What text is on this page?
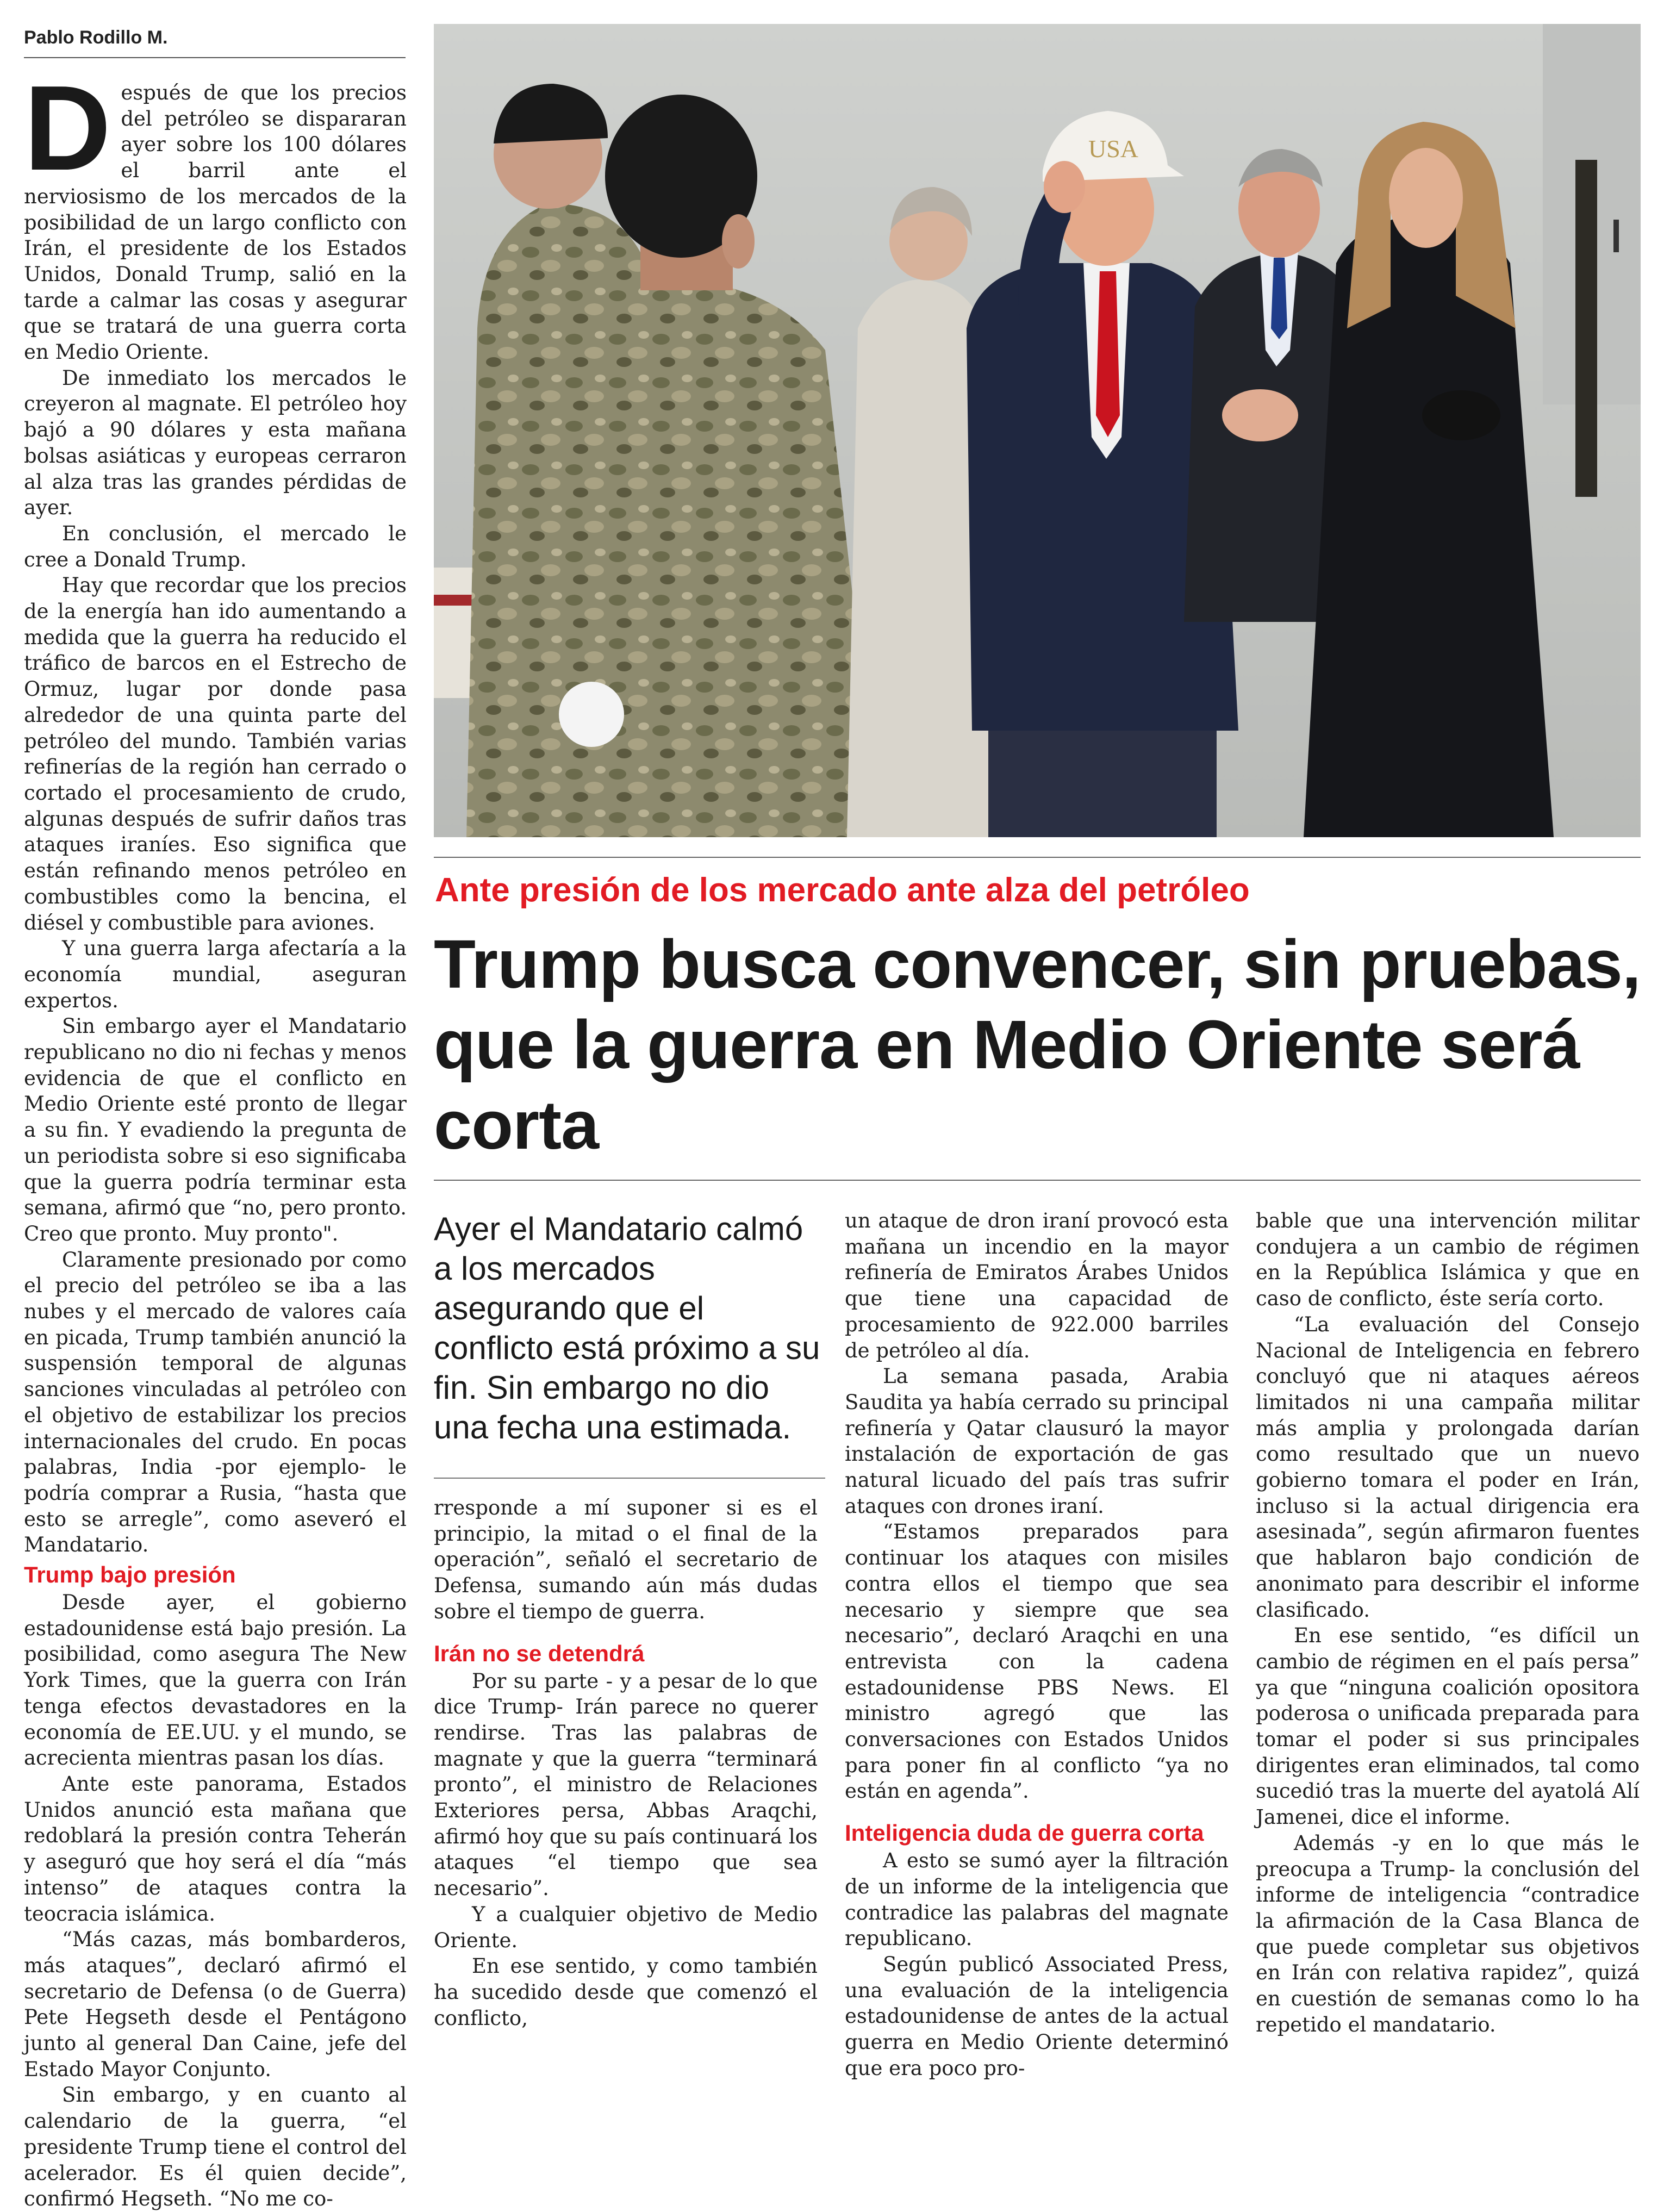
Pablo Rodillo M.

Después de que los precios del petróleo se dispararan ayer sobre los 100 dólares el barril ante el nerviosismo de los mercados de la posibilidad de un largo conflicto con Irán, el presidente de los Estados Unidos, Donald Trump, salió en la tarde a calmar las cosas y asegurar que se tratará de una guerra corta en Medio Oriente.

De inmediato los mercados le creyeron al magnate. El petróleo hoy bajó a 90 dólares y esta mañana bolsas asiáticas y europeas cerraron al alza tras las grandes pérdidas de ayer.

En conclusión, el mercado le cree a Donald Trump.

Hay que recordar que los precios de la energía han ido aumentando a medida que la guerra ha reducido el tráfico de barcos en el Estrecho de Ormuz, lugar por donde pasa alrededor de una quinta parte del petróleo del mundo. También varias refinerías de la región han cerrado o cortado el procesamiento de crudo, algunas después de sufrir daños tras ataques iraníes. Eso significa que están refinando menos petróleo en combustibles como la bencina, el diésel y combustible para aviones.

Y una guerra larga afectaría a la economía mundial, aseguran expertos.

Sin embargo ayer el Mandatario republicano no dio ni fechas y menos evidencia de que el conflicto en Medio Oriente esté pronto de llegar a su fin. Y evadiendo la pregunta de un periodista sobre si eso significaba que la guerra podría terminar esta semana, afirmó que “no, pero pronto. Creo que pronto. Muy pronto".

Claramente presionado por como el precio del petróleo se iba a las nubes y el mercado de valores caía en picada, Trump también anunció la suspensión temporal de algunas sanciones vinculadas al petróleo con el objetivo de estabilizar los precios internacionales del crudo. En pocas palabras, India -por ejemplo- le podría comprar a Rusia, “hasta que esto se arregle”, como aseveró el Mandatario.

Trump bajo presión

Desde ayer, el gobierno estadounidense está bajo presión. La posibilidad, como asegura The New York Times, que la guerra con Irán tenga efectos devastadores en la economía de EE.UU. y el mundo, se acrecienta mientras pasan los días.

Ante este panorama, Estados Unidos anunció esta mañana que redoblará la presión contra Teherán y aseguró que hoy será el día “más intenso” de ataques contra la teocracia islámica.

“Más cazas, más bombarderos, más ataques”, declaró afirmó el secretario de Defensa (o de Guerra) Pete Hegseth desde el Pentágono junto al general Dan Caine, jefe del Estado Mayor Conjunto.

Sin embargo, y en cuanto al calendario de la guerra, “el presidente Trump tiene el control del acelerador. Es él quien decide”, confirmó Hegseth. “No me co-

USA
Ante presión de los mercado ante alza del petróleo
Trump busca convencer, sin pruebas, que la guerra en Medio Oriente será corta
Ayer el Mandatario calmó a los mercados asegurando que el conflicto está próximo a su fin. Sin embargo no dio una fecha una estimada.

rresponde a mí suponer si es el principio, la mitad o el final de la operación”, señaló el secretario de Defensa, sumando aún más dudas sobre el tiempo de guerra.

Irán no se detendrá

Por su parte - y a pesar de lo que dice Trump- Irán parece no querer rendirse. Tras las palabras de magnate y que la guerra “terminará pronto”, el ministro de Relaciones Exteriores persa, Abbas Araqchi, afirmó hoy que su país continuará los ataques “el tiempo que sea necesario”.

Y a cualquier objetivo de Medio Oriente.

En ese sentido, y como también ha sucedido desde que comenzó el conflicto,

un ataque de dron iraní provocó esta mañana un incendio en la mayor refinería de Emiratos Árabes Unidos que tiene una capacidad de procesamiento de 922.000 barriles de petróleo al día.

La semana pasada, Arabia Saudita ya había cerrado su principal refinería y Qatar clausuró la mayor instalación de exportación de gas natural licuado del país tras sufrir ataques con drones iraní.

“Estamos preparados para continuar los ataques con misiles contra ellos el tiempo que sea necesario y siempre que sea necesario”, declaró Araqchi en una entrevista con la cadena estadounidense PBS News. El ministro agregó que las conversaciones con Estados Unidos para poner fin al conflicto “ya no están en agenda”.

Inteligencia duda de guerra corta

A esto se sumó ayer la filtración de un informe de la inteligencia que contradice las palabras del magnate republicano.

Según publicó Associated Press, una evaluación de la inteligencia estadounidense de antes de la actual guerra en Medio Oriente determinó que era poco pro-

bable que una intervención militar condujera a un cambio de régimen en la República Islámica y que en caso de conflicto, éste sería corto.

“La evaluación del Consejo Nacional de Inteligencia en febrero concluyó que ni ataques aéreos limitados ni una campaña militar más amplia y prolongada darían como resultado que un nuevo gobierno tomara el poder en Irán, incluso si la actual dirigencia era asesinada”, según afirmaron fuentes que hablaron bajo condición de anonimato para describir el informe clasificado.

En ese sentido, “es difícil un cambio de régimen en el país persa” ya que “ninguna coalición opositora poderosa o unificada preparada para tomar el poder si sus principales dirigentes eran eliminados, tal como sucedió tras la muerte del ayatolá Alí Jamenei, dice el informe.

Además -y en lo que más le preocupa a Trump- la conclusión del informe de inteligencia “contradice la afirmación de la Casa Blanca de que puede completar sus objetivos en Irán con relativa rapidez”, quizá en cuestión de semanas como lo ha repetido el mandatario.
